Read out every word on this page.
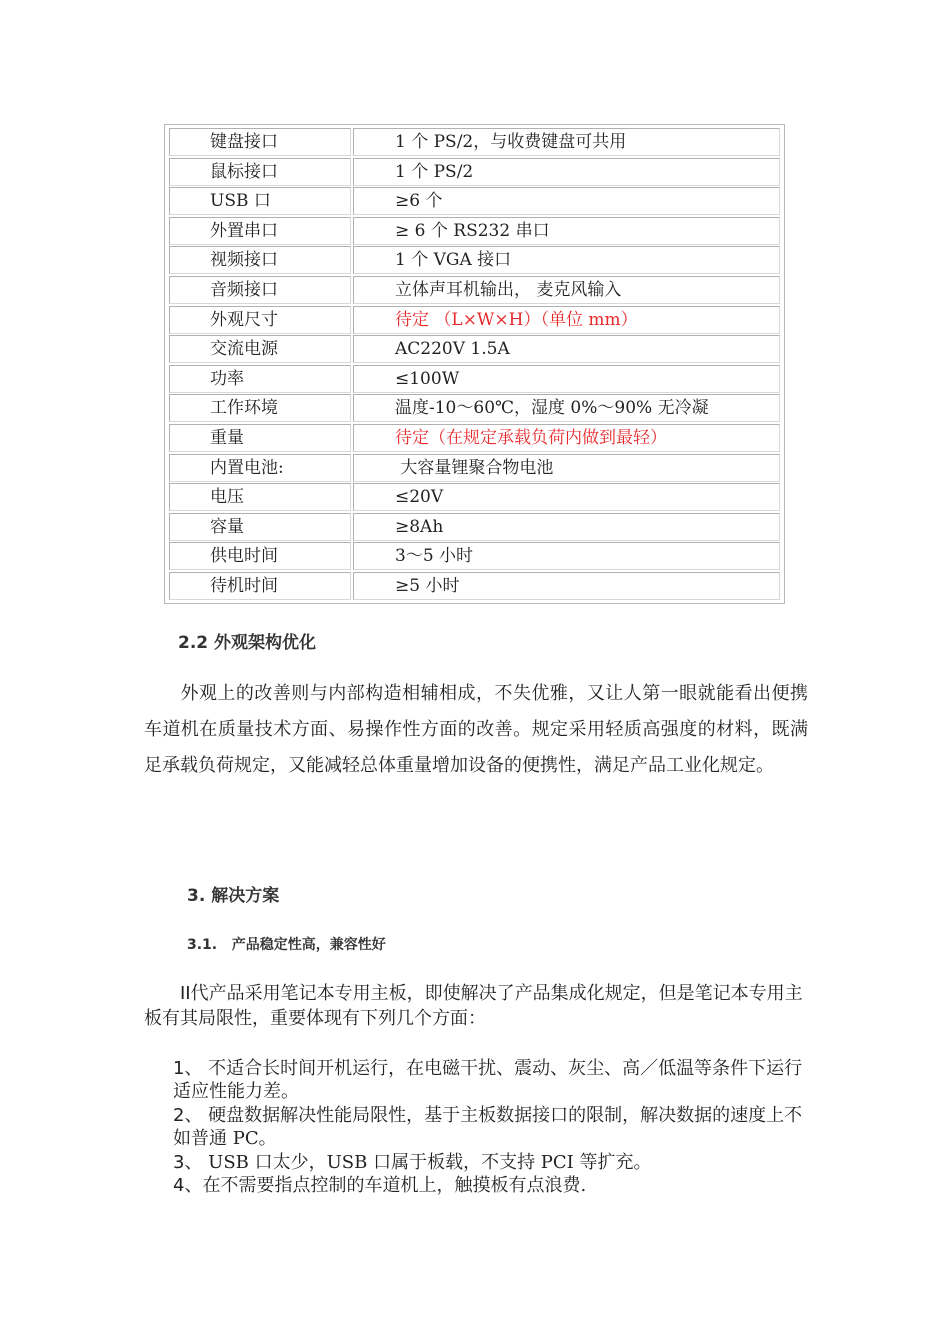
键盘接口	1 个 PS/2，与收费键盘可共用
鼠标接口	1 个 PS/2
USB 口	≥6 个
外置串口	≥ 6 个 RS232 串口
视频接口	1 个 VGA 接口
音频接口	立体声耳机输出， 麦克风输入
外观尺寸	待定 （L×W×H）（单位 mm）
交流电源	AC220V 1.5A
功率	≤100W
工作环境	温度-10～60℃，湿度 0%～90% 无冷凝
重量	待定（在规定承载负荷内做到最轻）
内置电池:	大容量锂聚合物电池
电压	≤20V
容量	≥8Ah
供电时间	3～5 小时
待机时间	≥5 小时
2.2 外观架构优化
外观上的改善则与内部构造相辅相成，不失优雅，又让人第一眼就能看出便携车道机在质量技术方面、易操作性方面的改善。规定采用轻质高强度的材料，既满足承载负荷规定，又能减轻总体重量增加设备的便携性，满足产品工业化规定。
3. 解决方案
3.1.   产品稳定性高，兼容性好
II代产品采用笔记本专用主板，即使解决了产品集成化规定，但是笔记本专用主板有其局限性，重要体现有下列几个方面：
1、 不适合长时间开机运行，在电磁干扰、震动、灰尘、高／低温等条件下运行适应性能力差。
2、 硬盘数据解决性能局限性，基于主板数据接口的限制，解决数据的速度上不如普通 PC。
3、 USB 口太少，USB 口属于板载，不支持 PCI 等扩充。
4、在不需要指点控制的车道机上，触摸板有点浪费.
